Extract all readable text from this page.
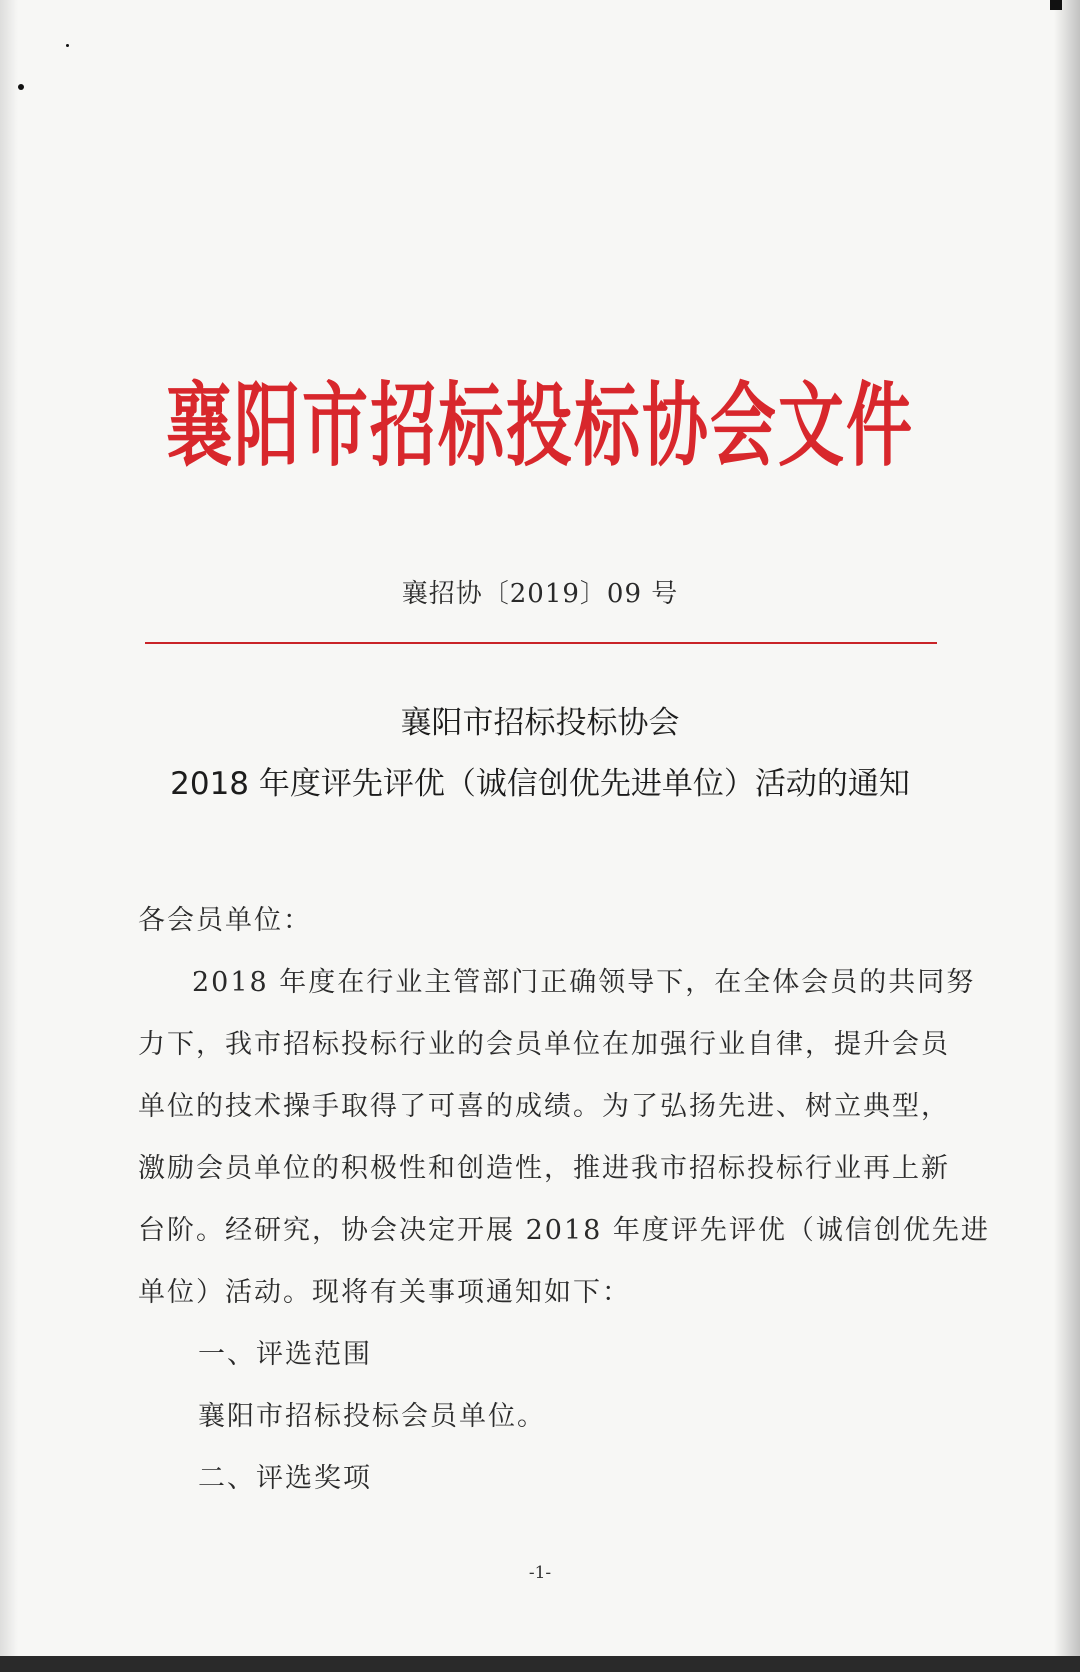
襄阳市招标投标协会文件
襄招协〔2019〕09 号
襄阳市招标投标协会
2018 年度评先评优（诚信创优先进单位）活动的通知
各会员单位：
2018 年度在行业主管部门正确领导下，在全体会员的共同努
力下，我市招标投标行业的会员单位在加强行业自律，提升会员
单位的技术操手取得了可喜的成绩。为了弘扬先进、树立典型，
激励会员单位的积极性和创造性，推进我市招标投标行业再上新
台阶。经研究，协会决定开展 2018 年度评先评优（诚信创优先进
单位）活动。现将有关事项通知如下：
一、评选范围
襄阳市招标投标会员单位。
二、评选奖项
-1-
